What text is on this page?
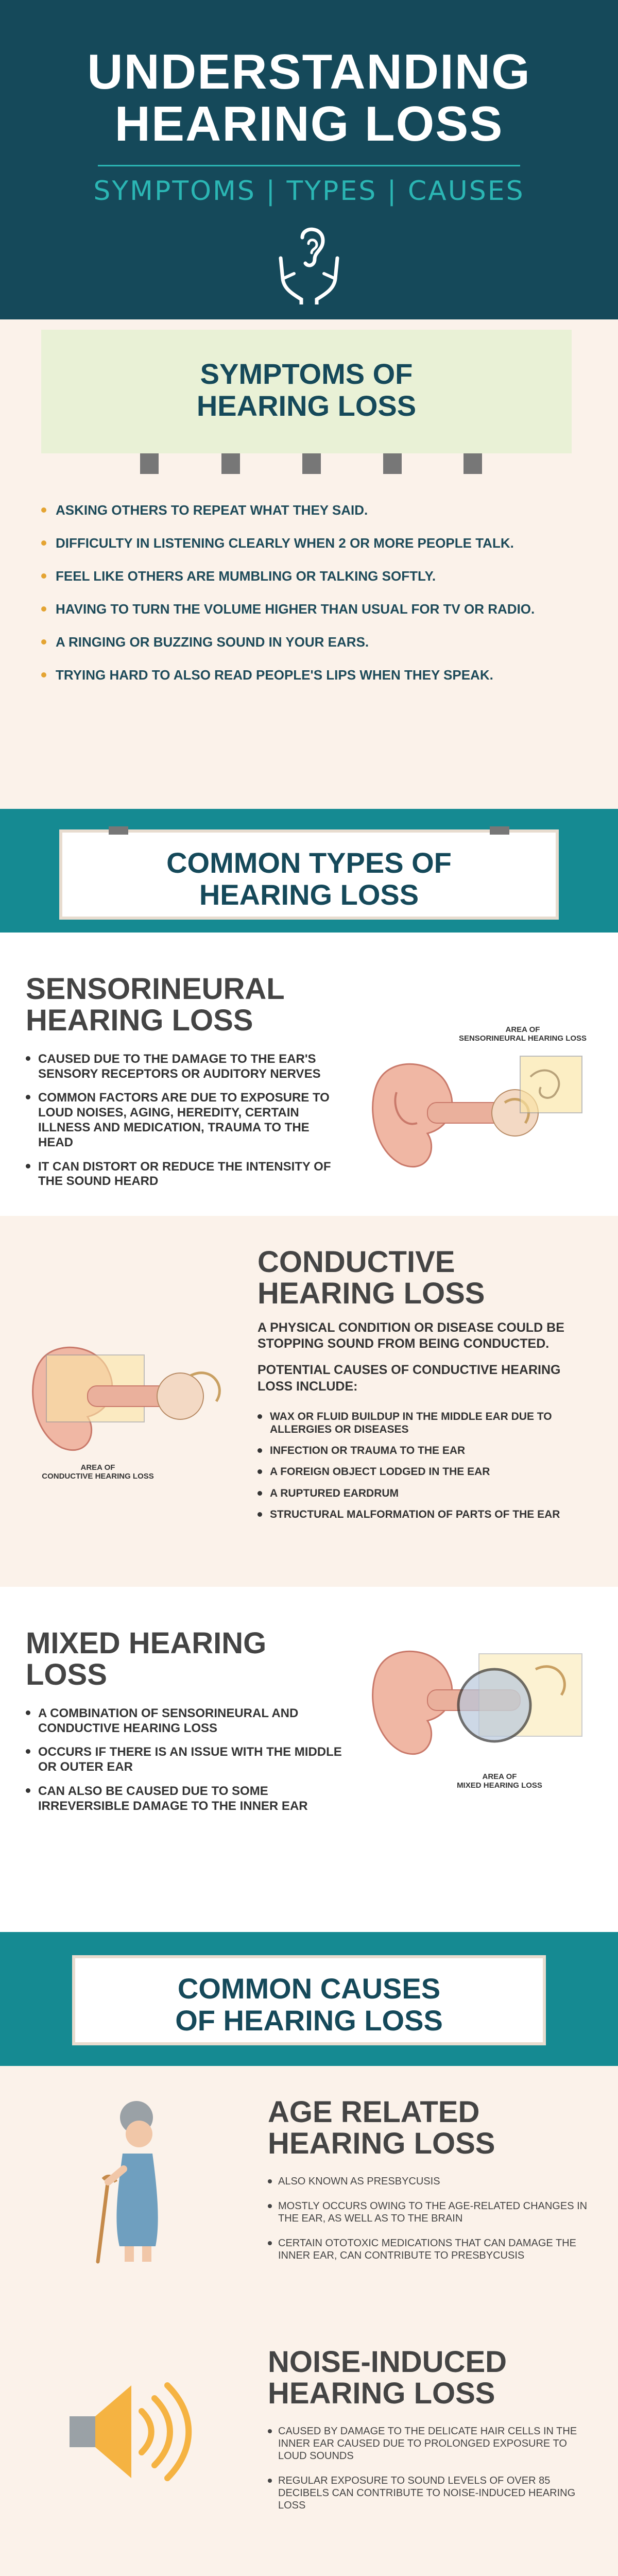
UNDERSTANDING
HEARING LOSS
SYMPTOMS | TYPES | CAUSES
SYMPTOMS OF
HEARING LOSS
ASKING OTHERS TO REPEAT WHAT THEY SAID.
DIFFICULTY IN LISTENING CLEARLY WHEN 2 OR MORE PEOPLE TALK.
FEEL LIKE OTHERS ARE MUMBLING OR TALKING SOFTLY.
HAVING TO TURN THE VOLUME HIGHER THAN USUAL FOR TV OR RADIO.
A RINGING OR BUZZING SOUND IN YOUR EARS.
TRYING HARD TO ALSO READ PEOPLE'S LIPS WHEN THEY SPEAK.
COMMON TYPES OF
HEARING LOSS
SENSORINEURAL
HEARING LOSS
CAUSED DUE TO THE DAMAGE TO THE EAR'S SENSORY RECEPTORS OR AUDITORY NERVES
COMMON FACTORS ARE DUE TO EXPOSURE TO LOUD NOISES, AGING, HEREDITY, CERTAIN ILLNESS AND MEDICATION, TRAUMA TO THE HEAD
IT CAN DISTORT OR REDUCE THE INTENSITY OF THE SOUND HEARD
AREA OF
SENSORINEURAL HEARING LOSS
AREA OF
CONDUCTIVE HEARING LOSS
CONDUCTIVE
HEARING LOSS

A PHYSICAL CONDITION OR DISEASE COULD BE STOPPING SOUND FROM BEING CONDUCTED.

POTENTIAL CAUSES OF CONDUCTIVE HEARING LOSS INCLUDE:

WAX OR FLUID BUILDUP IN THE MIDDLE EAR DUE TO ALLERGIES OR DISEASES
INFECTION OR TRAUMA TO THE EAR
A FOREIGN OBJECT LODGED IN THE EAR
A RUPTURED EARDRUM
STRUCTURAL MALFORMATION OF PARTS OF THE EAR
MIXED HEARING
LOSS
A COMBINATION OF SENSORINEURAL AND CONDUCTIVE HEARING LOSS
OCCURS IF THERE IS AN ISSUE WITH THE MIDDLE OR OUTER EAR
CAN ALSO BE CAUSED DUE TO SOME IRREVERSIBLE DAMAGE TO THE INNER EAR
AREA OF
MIXED HEARING LOSS
COMMON CAUSES
OF HEARING LOSS
AGE RELATED
HEARING LOSS
ALSO KNOWN AS PRESBYCUSIS
MOSTLY OCCURS OWING TO THE AGE-RELATED CHANGES IN THE EAR, AS WELL AS TO THE BRAIN
CERTAIN OTOTOXIC MEDICATIONS THAT CAN DAMAGE THE INNER EAR, CAN CONTRIBUTE TO PRESBYCUSIS
NOISE-INDUCED
HEARING LOSS
CAUSED BY DAMAGE TO THE DELICATE HAIR CELLS IN THE INNER EAR CAUSED DUE TO PROLONGED EXPOSURE TO LOUD SOUNDS
REGULAR EXPOSURE TO SOUND LEVELS OF OVER 85 DECIBELS CAN CONTRIBUTE TO NOISE-INDUCED HEARING LOSS
